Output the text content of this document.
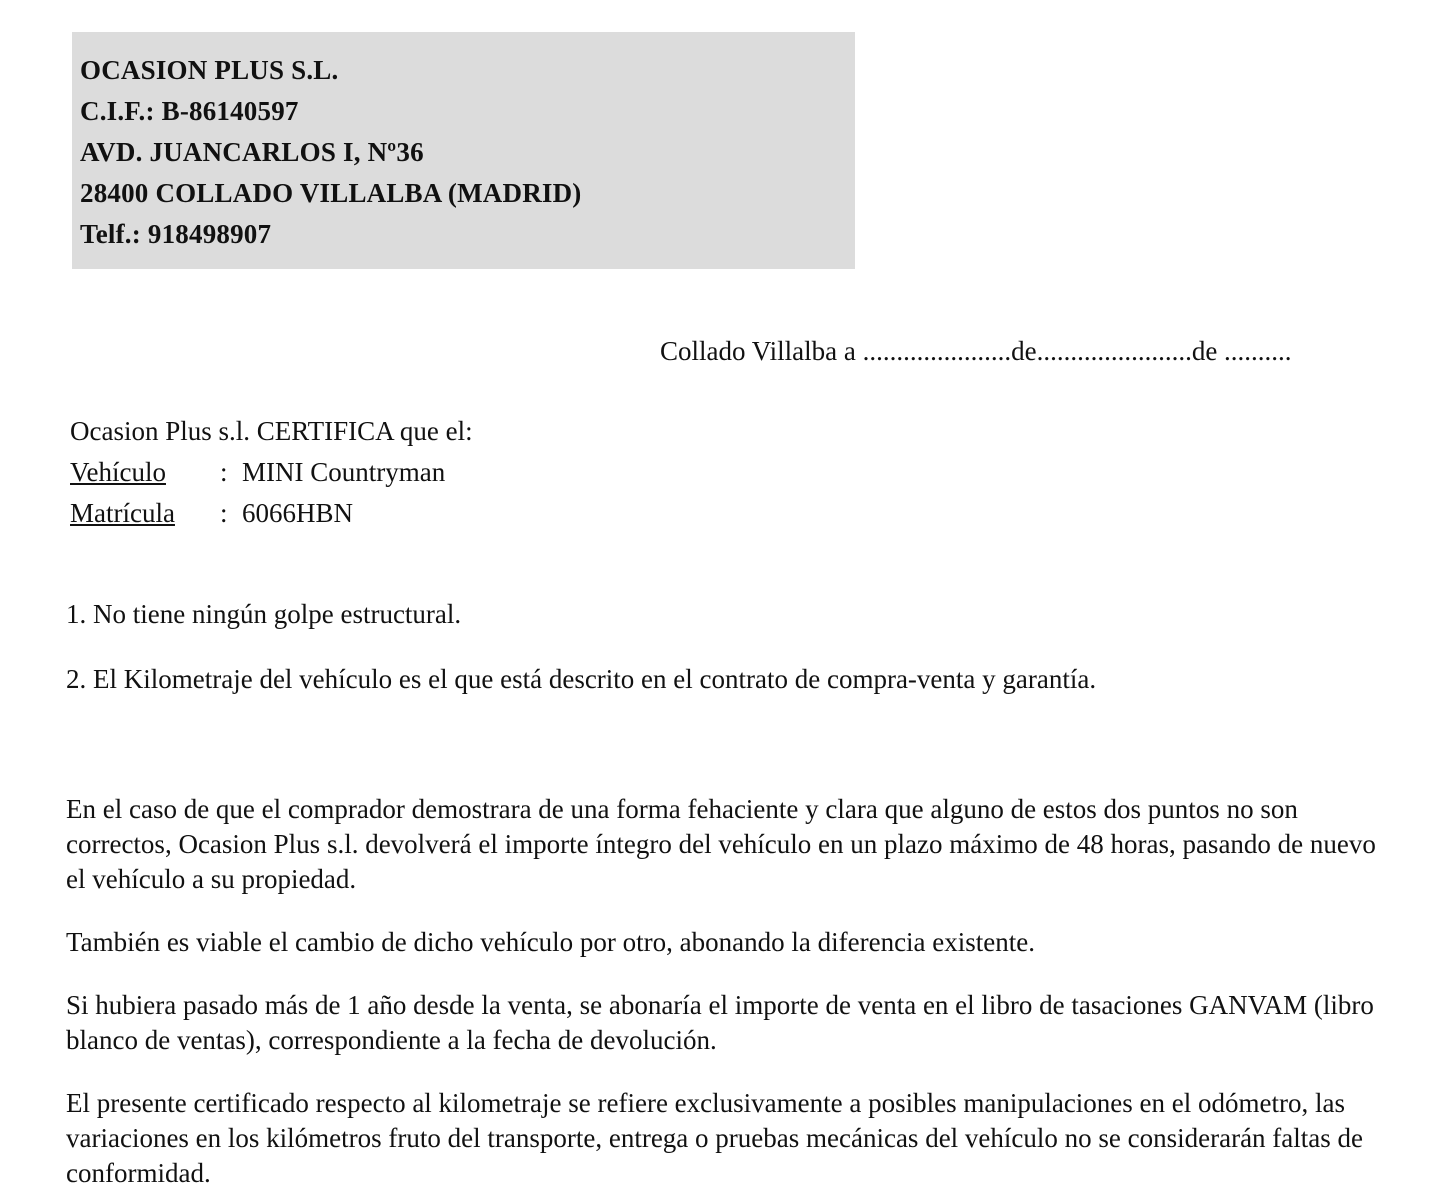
OCASION PLUS S.L.
C.I.F.: B-86140597
AVD. JUANCARLOS I, Nº36
28400 COLLADO VILLALBA (MADRID)
Telf.: 918498907
Collado Villalba a ......................de.......................de ..........
Ocasion Plus s.l. CERTIFICA que el:
Vehículo	: MINI Countryman
Matrícula	: 6066HBN
1. No tiene ningún golpe estructural.
2. El Kilometraje del vehículo es el que está descrito en el contrato de compra-venta y garantía.

En el caso de que el comprador demostrara de una forma fehaciente y clara que alguno de estos dos puntos no son correctos, Ocasion Plus s.l. devolverá el importe íntegro del vehículo en un plazo máximo de 48 horas, pasando de nuevo el vehículo a su propiedad.

También es viable el cambio de dicho vehículo por otro, abonando la diferencia existente.

Si hubiera pasado más de 1 año desde la venta, se abonaría el importe de venta en el libro de tasaciones GANVAM (libro blanco de ventas), correspondiente a la fecha de devolución.

El presente certificado respecto al kilometraje se refiere exclusivamente a posibles manipulaciones en el odómetro, las variaciones en los kilómetros fruto del transporte, entrega o pruebas mecánicas del vehículo no se considerarán faltas de conformidad.
